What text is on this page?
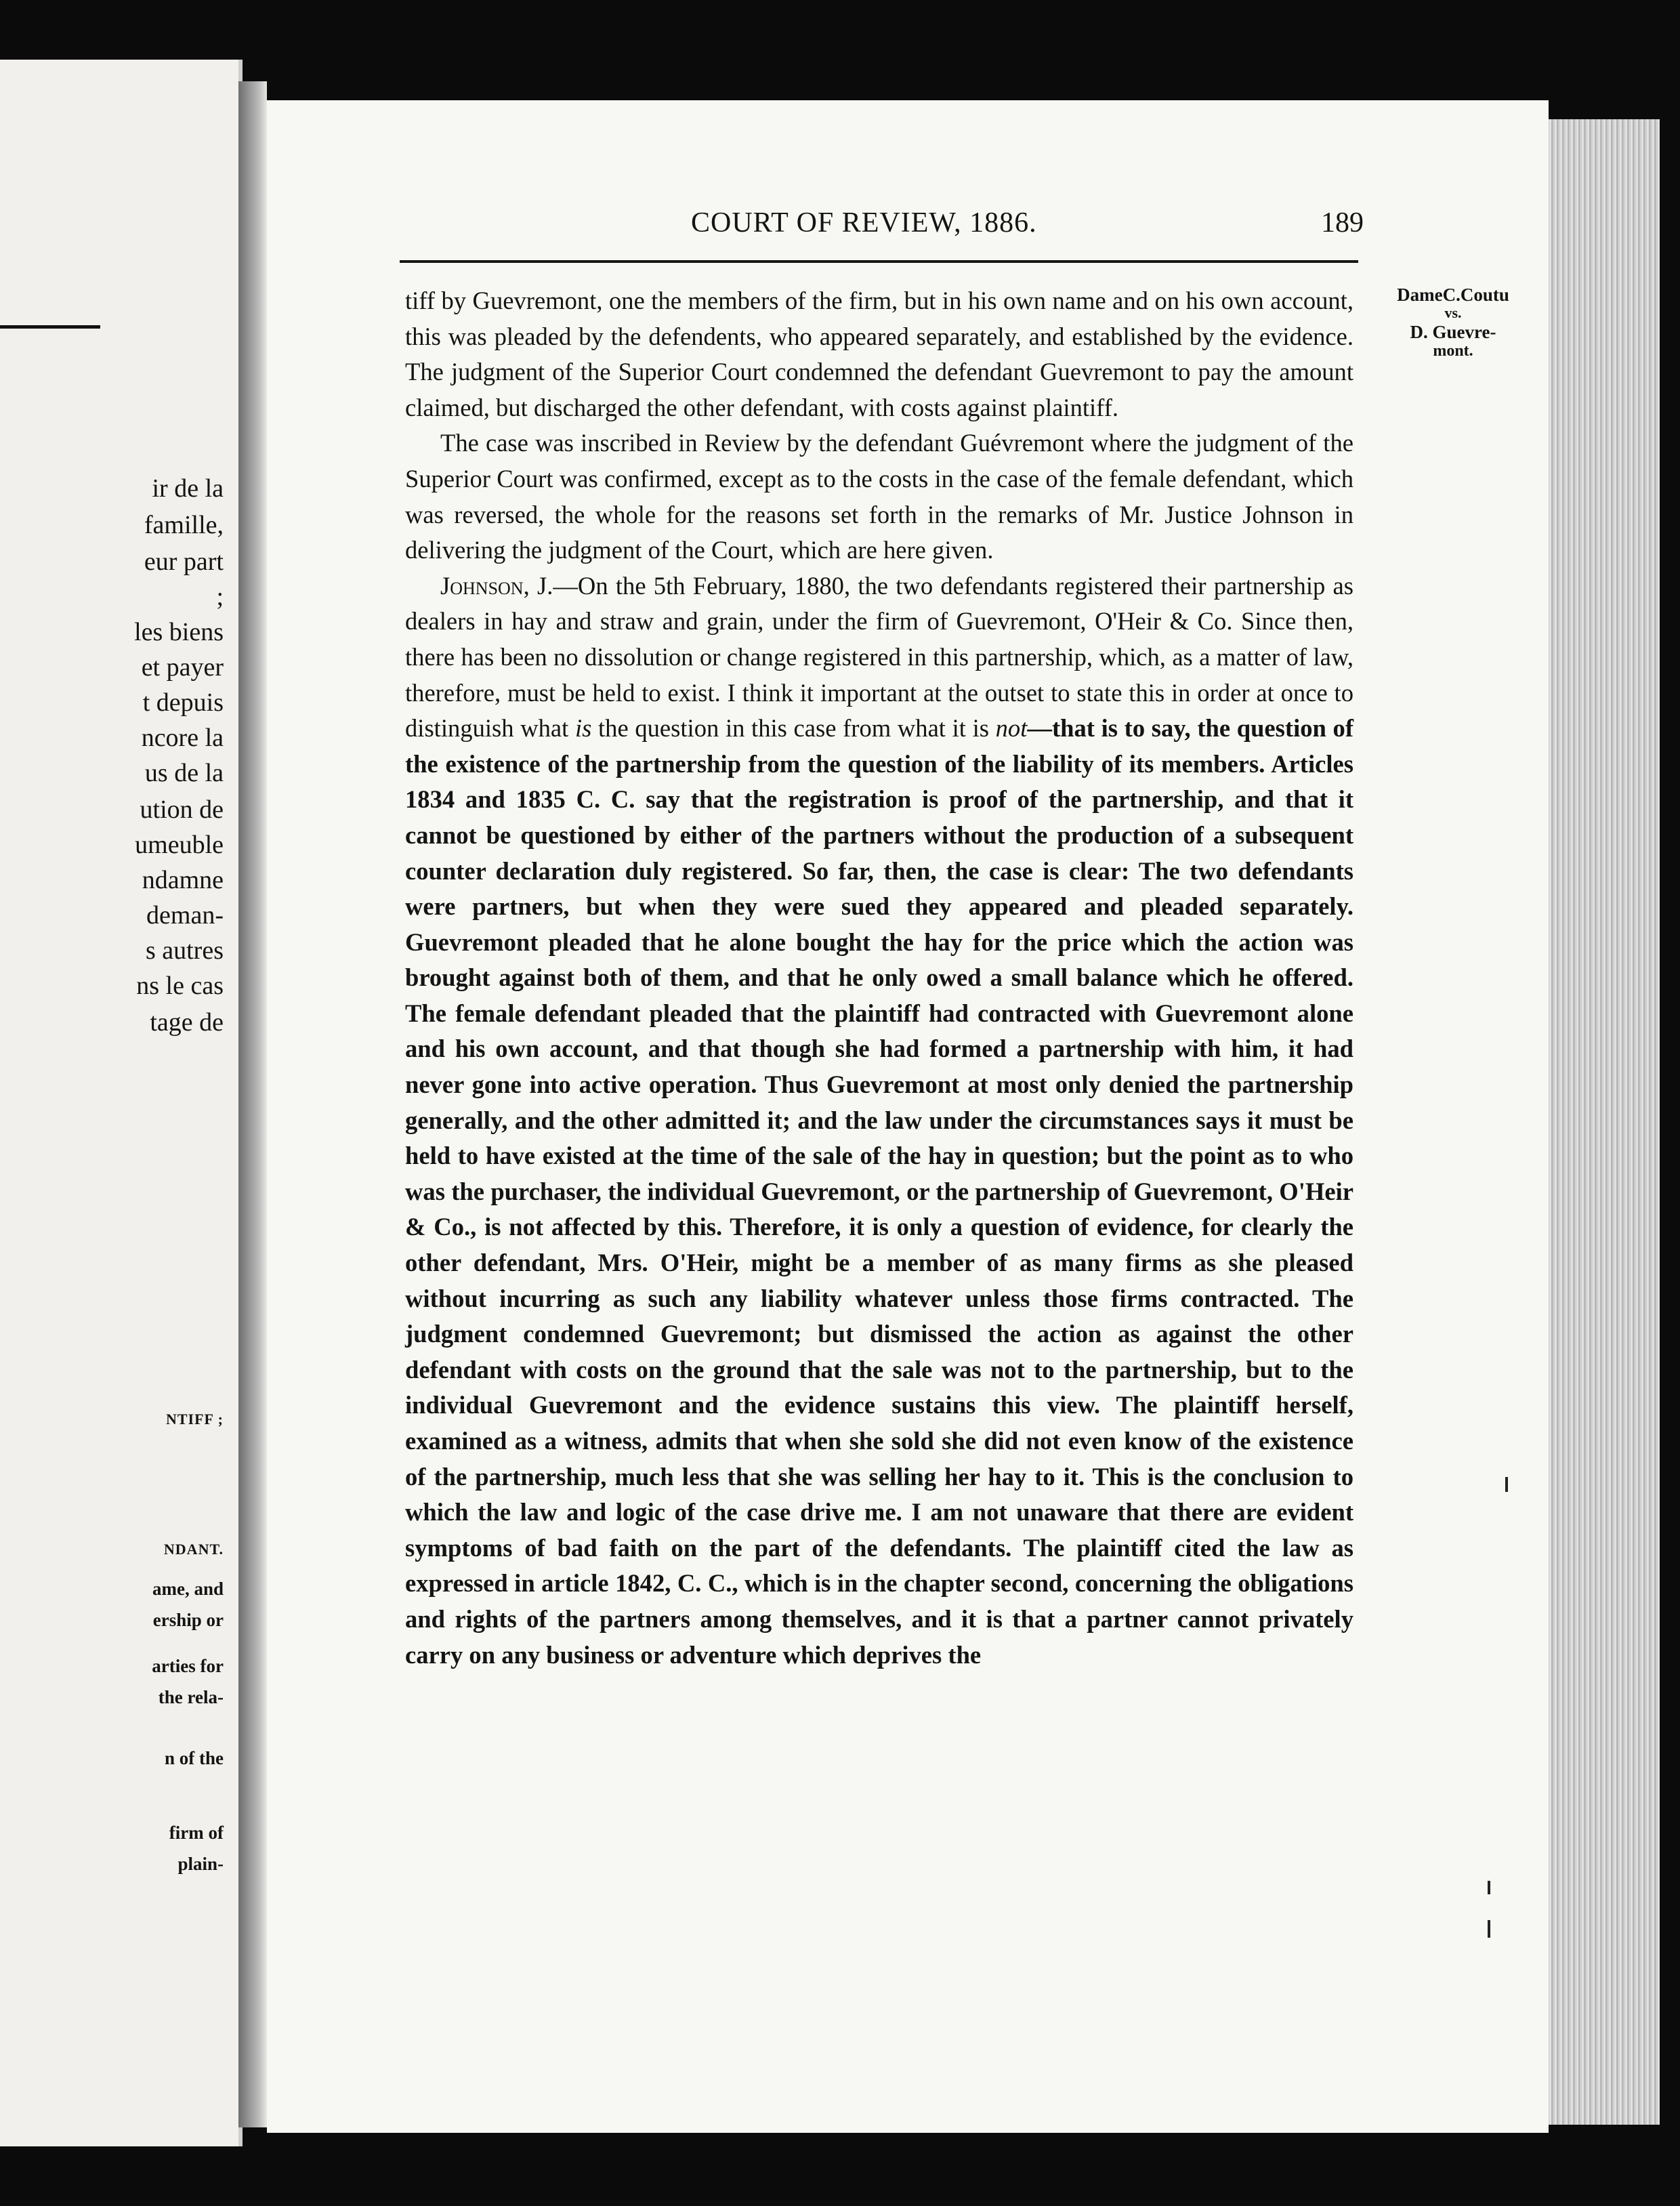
ir de la
famille,
eur part
;
les biens
et payer
t depuis
ncore la
us de la
ution de
umeuble
ndamne
deman-
s autres
ns le cas
tage de
NTIFF ;
NDANT.
ame, and
ership or
arties for
the rela-
n of the
firm of
plain-
COURT OF REVIEW, 1886.	189
DameC.Coutu
vs.
D. Guevre-
mont.

tiff by Guevremont, one the members of the firm, but in his own name and on his own account, this was pleaded by the defendents, who appeared separately, and established by the evidence. The judgment of the Superior Court condemned the defendant Guevremont to pay the amount claimed, but discharged the other defendant, with costs against plaintiff.

The case was inscribed in Review by the defendant Guévremont where the judgment of the Superior Court was confirmed, except as to the costs in the case of the female defendant, which was reversed, the whole for the reasons set forth in the remarks of Mr. Justice Johnson in delivering the judgment of the Court, which are here given.

Johnson, J.—On the 5th February, 1880, the two defendants registered their partnership as dealers in hay and straw and grain, under the firm of Guevremont, O'Heir & Co. Since then, there has been no dissolution or change registered in this partnership, which, as a matter of law, therefore, must be held to exist. I think it important at the outset to state this in order at once to distinguish what is the question in this case from what it is not—that is to say, the question of the existence of the partnership from the question of the liability of its members. Articles 1834 and 1835 C. C. say that the registration is proof of the partnership, and that it cannot be questioned by either of the partners without the production of a subsequent counter declaration duly registered. So far, then, the case is clear: The two defendants were partners, but when they were sued they appeared and pleaded separately. Guevremont pleaded that he alone bought the hay for the price which the action was brought against both of them, and that he only owed a small balance which he offered. The female defendant pleaded that the plaintiff had contracted with Guevremont alone and his own account, and that though she had formed a partnership with him, it had never gone into active operation. Thus Guevremont at most only denied the partnership generally, and the other admitted it; and the law under the circumstances says it must be held to have existed at the time of the sale of the hay in question; but the point as to who was the purchaser, the individual Guevremont, or the partnership of Guevremont, O'Heir & Co., is not affected by this. Therefore, it is only a question of evidence, for clearly the other defendant, Mrs. O'Heir, might be a member of as many firms as she pleased without incurring as such any liability whatever unless those firms contracted. The judgment condemned Guevremont; but dismissed the action as against the other defendant with costs on the ground that the sale was not to the partnership, but to the individual Guevremont and the evidence sustains this view. The plaintiff herself, examined as a witness, admits that when she sold she did not even know of the existence of the partnership, much less that she was selling her hay to it. This is the conclusion to which the law and logic of the case drive me. I am not unaware that there are evident symptoms of bad faith on the part of the defendants. The plaintiff cited the law as expressed in article 1842, C. C., which is in the chapter second, concerning the obligations and rights of the partners among themselves, and it is that a partner cannot privately carry on any business or adventure which deprives the
